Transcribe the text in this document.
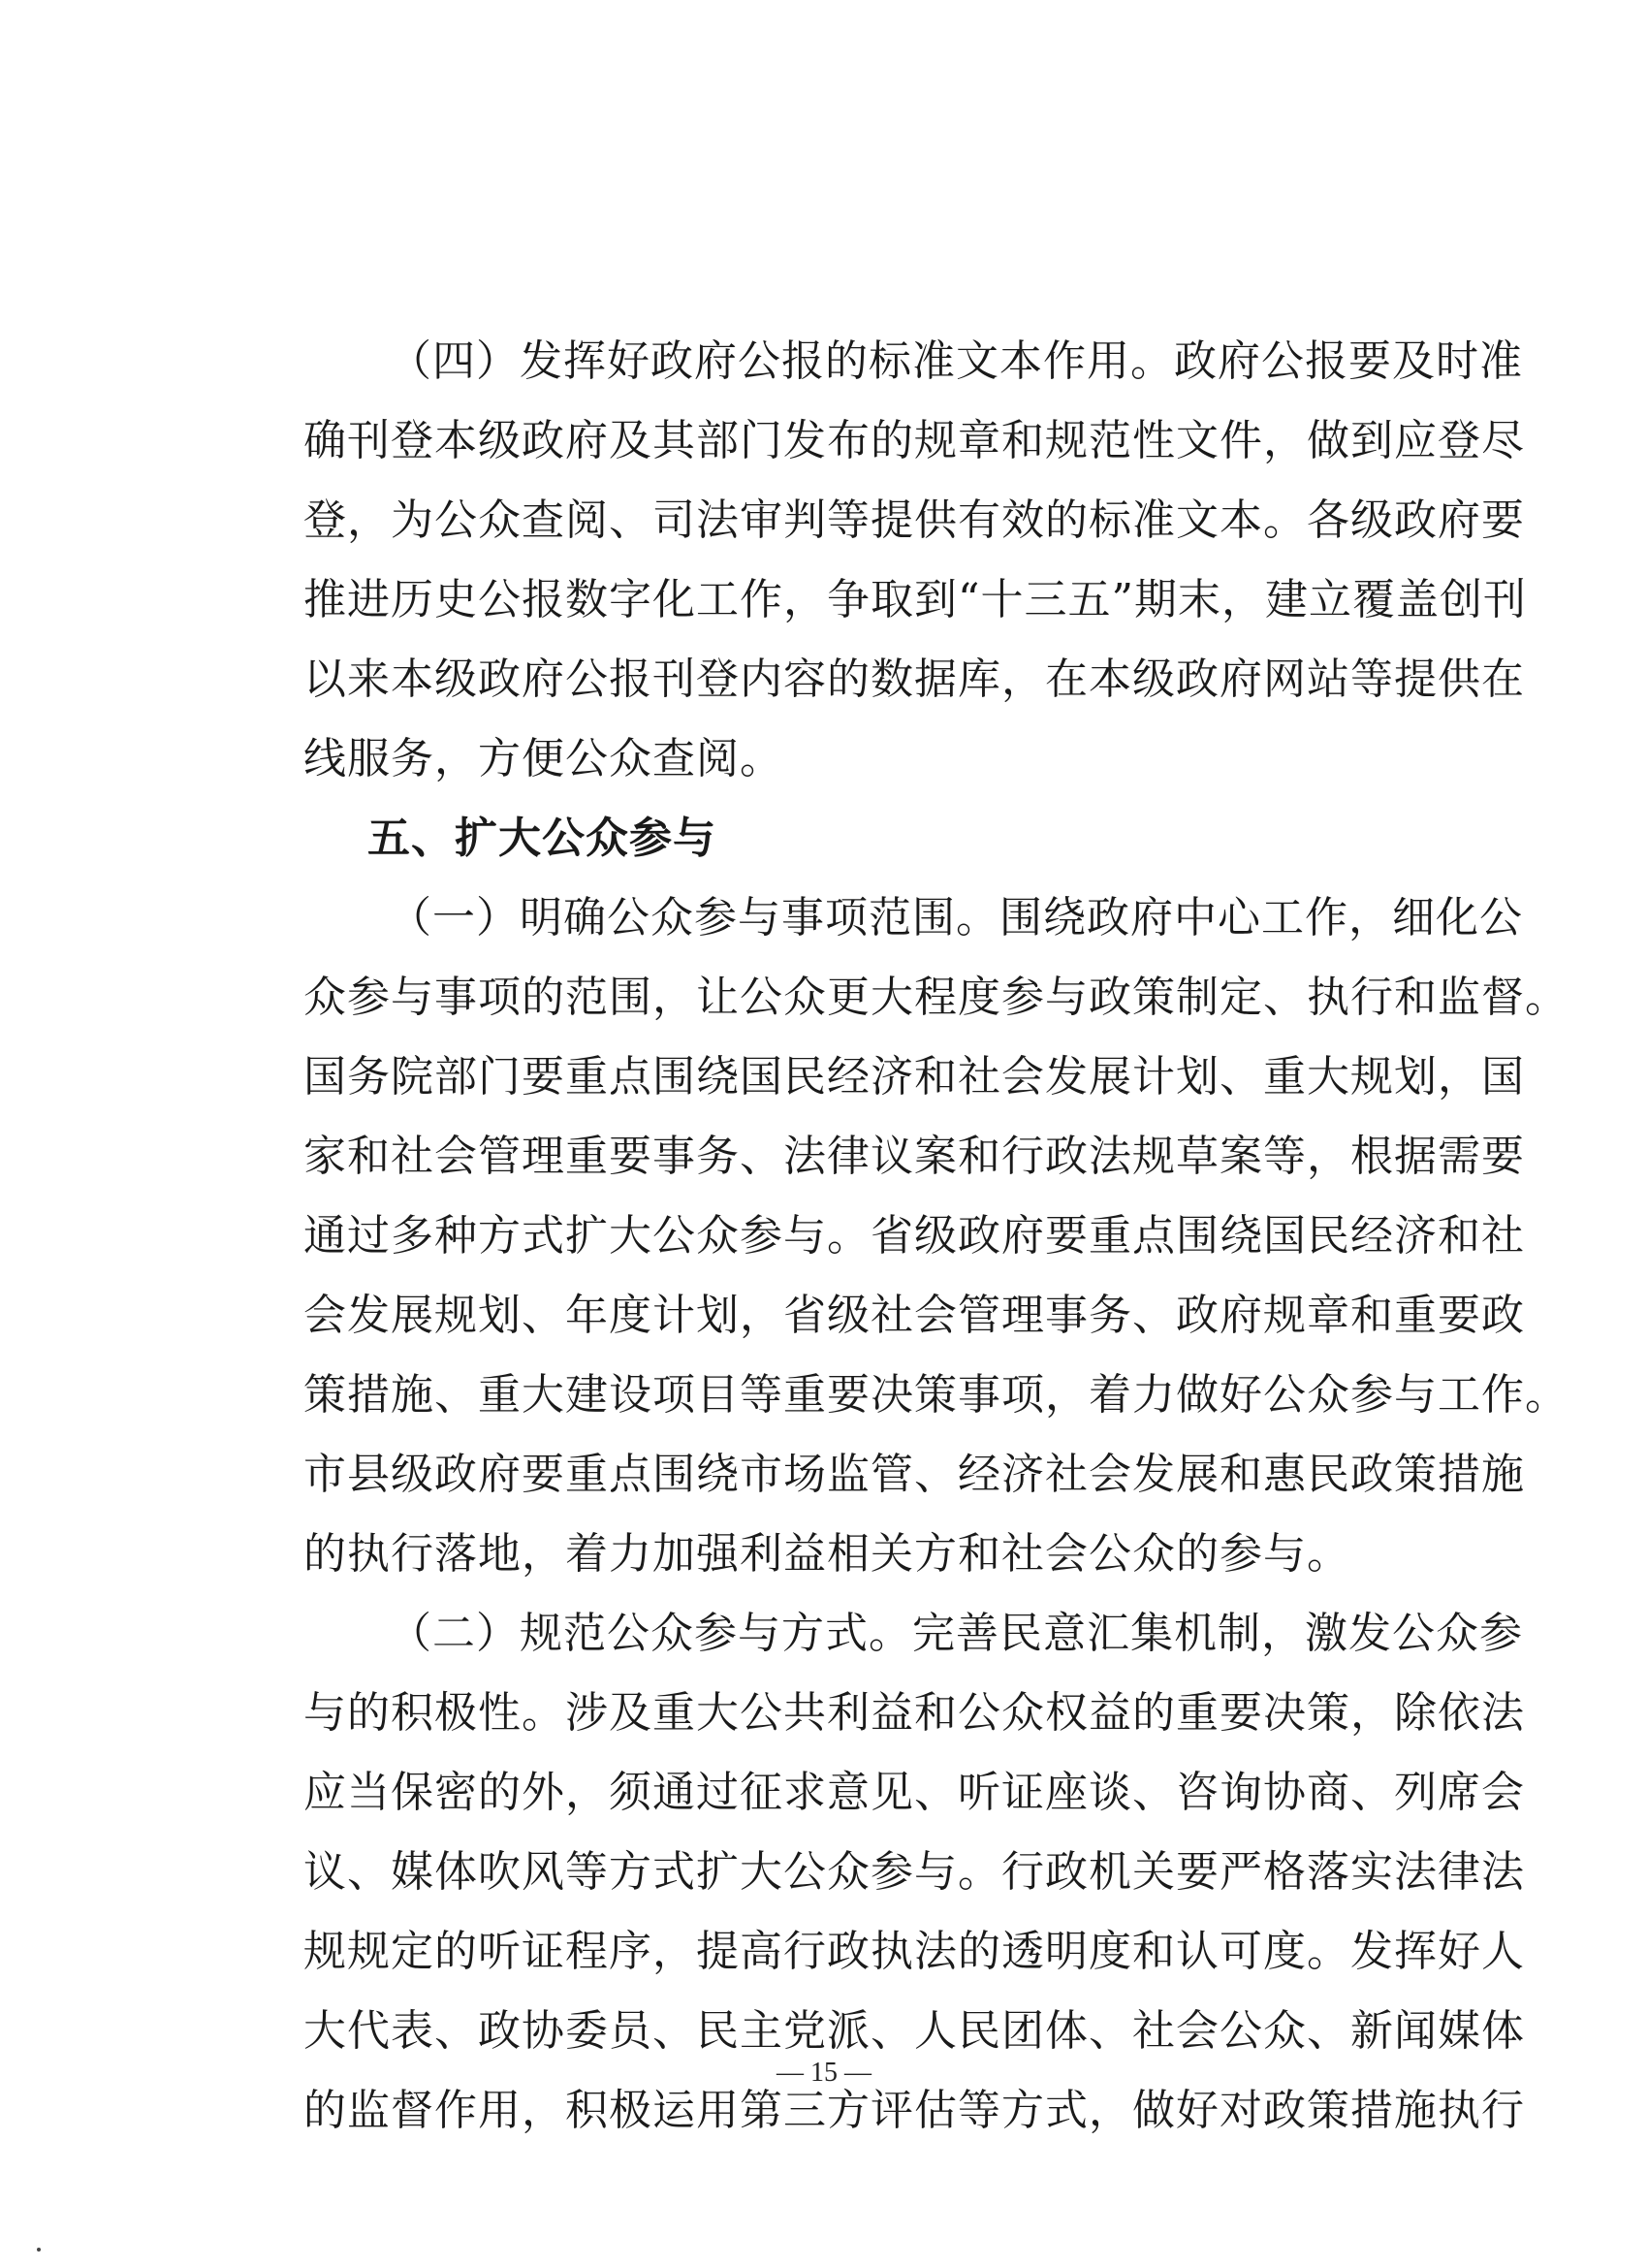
（四）发挥好政府公报的标准文本作用。政府公报要及时准
确刊登本级政府及其部门发布的规章和规范性文件，做到应登尽
登，为公众查阅、司法审判等提供有效的标准文本。各级政府要
推进历史公报数字化工作，争取到“十三五”期末，建立覆盖创刊
以来本级政府公报刊登内容的数据库，在本级政府网站等提供在
线服务，方便公众查阅。
五、扩大公众参与
（一）明确公众参与事项范围。围绕政府中心工作，细化公
众参与事项的范围，让公众更大程度参与政策制定、执行和监督。
国务院部门要重点围绕国民经济和社会发展计划、重大规划，国
家和社会管理重要事务、法律议案和行政法规草案等，根据需要
通过多种方式扩大公众参与。省级政府要重点围绕国民经济和社
会发展规划、年度计划，省级社会管理事务、政府规章和重要政
策措施、重大建设项目等重要决策事项，着力做好公众参与工作。
市县级政府要重点围绕市场监管、经济社会发展和惠民政策措施
的执行落地，着力加强利益相关方和社会公众的参与。
（二）规范公众参与方式。完善民意汇集机制，激发公众参
与的积极性。涉及重大公共利益和公众权益的重要决策，除依法
应当保密的外，须通过征求意见、听证座谈、咨询协商、列席会
议、媒体吹风等方式扩大公众参与。行政机关要严格落实法律法
规规定的听证程序，提高行政执法的透明度和认可度。发挥好人
大代表、政协委员、民主党派、人民团体、社会公众、新闻媒体
的监督作用，积极运用第三方评估等方式，做好对政策措施执行
— 15 —
